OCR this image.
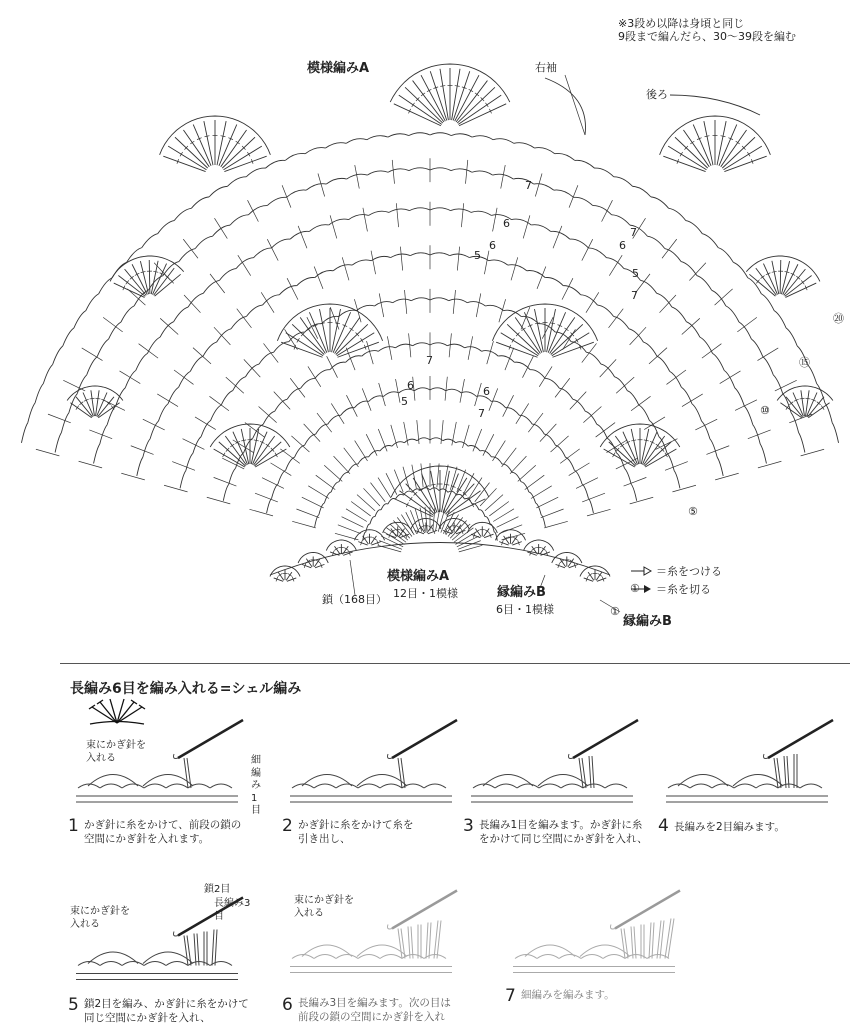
※3段め以降は身頃と同じ
9段まで編んだら、30〜39段を編む
模様編みA	右袖
後ろ
模様編みA
12目・1模様
鎖（168目）	縁編みB
6目・1模様
縁編みB
①
①
⑤
⑩
⑮
⑳
7
6
5
5
6
7
6
5
7
6
7
6
7
＝糸をつける
＝糸を切る
長編み6目を編み入れる=シェル編み
束にかぎ針を
入れる	細編み1目
1 かぎ針に糸をかけて、前段の鎖の
空間にかぎ針を入れます。
2 かぎ針に糸をかけて糸を
引き出し、
3 長編み1目を編みます。かぎ針に糸
をかけて同じ空間にかぎ針を入れ、
4 長編みを2目編みます。
束にかぎ針を
入れる
鎖2目
長編み3目
5 鎖2目を編み、かぎ針に糸をかけて
同じ空間にかぎ針を入れ、
束にかぎ針を
入れる
6 長編み3目を編みます。次の目は
前段の鎖の空間にかぎ針を入れ
7 細編みを編みます。
